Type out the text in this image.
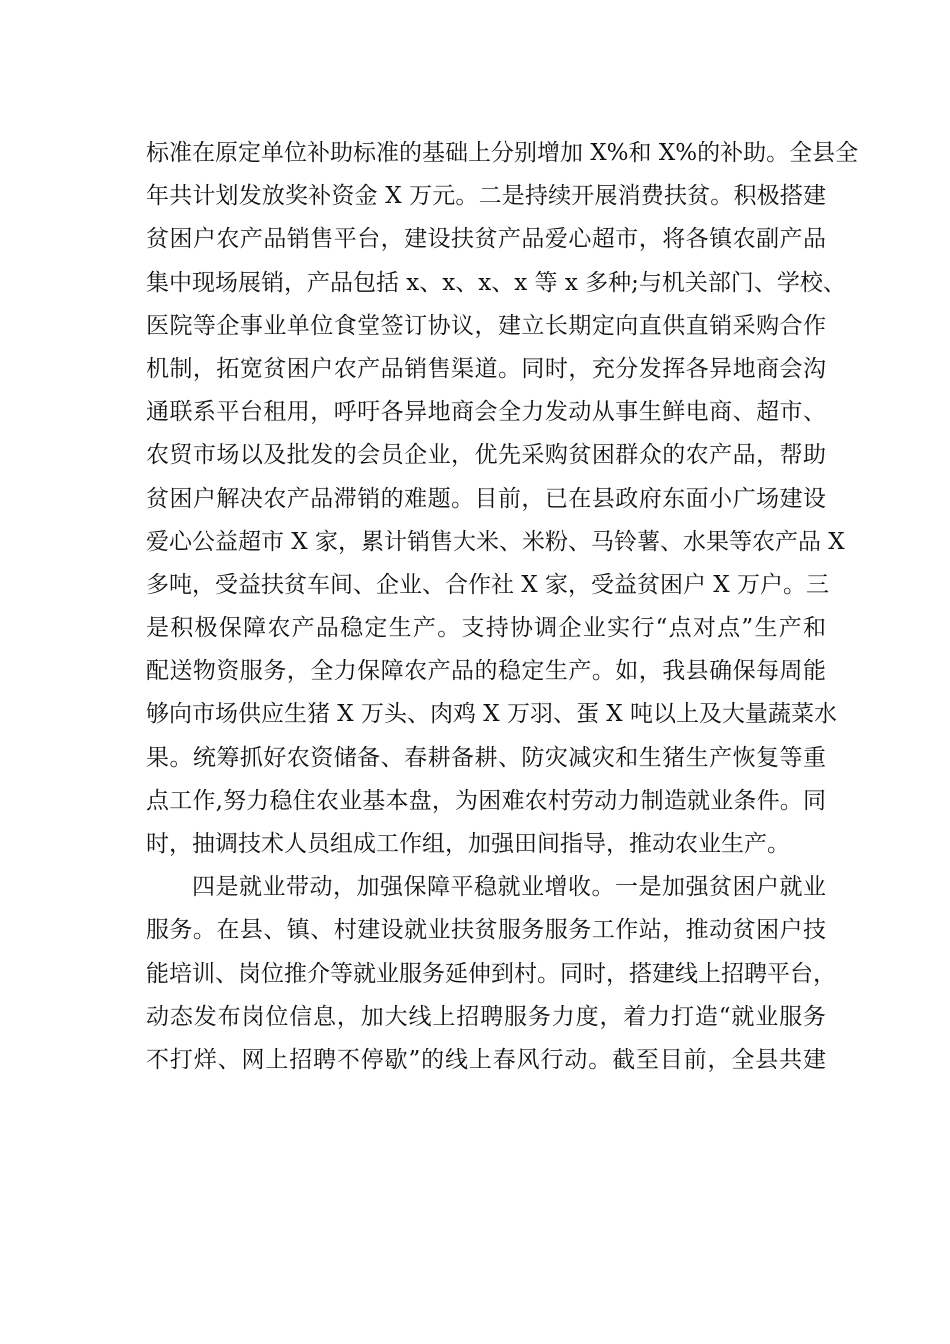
标准在原定单位补助标准的基础上分别增加 X%和 X%的补助。全县全
年共计划发放奖补资金 X 万元。二是持续开展消费扶贫。积极搭建
贫困户农产品销售平台，建设扶贫产品爱心超市，将各镇农副产品
集中现场展销，产品包括 x、x、x、x 等 x 多种;与机关部门、学校、
医院等企事业单位食堂签订协议，建立长期定向直供直销采购合作
机制，拓宽贫困户农产品销售渠道。同时，充分发挥各异地商会沟
通联系平台租用，呼吁各异地商会全力发动从事生鲜电商、超市、
农贸市场以及批发的会员企业，优先采购贫困群众的农产品，帮助
贫困户解决农产品滞销的难题。目前，已在县政府东面小广场建设
爱心公益超市 X 家，累计销售大米、米粉、马铃薯、水果等农产品 X
多吨，受益扶贫车间、企业、合作社 X 家，受益贫困户 X 万户。三
是积极保障农产品稳定生产。支持协调企业实行“点对点”生产和
配送物资服务，全力保障农产品的稳定生产。如，我县确保每周能
够向市场供应生猪 X 万头、肉鸡 X 万羽、蛋 X 吨以上及大量蔬菜水
果。统筹抓好农资储备、春耕备耕、防灾减灾和生猪生产恢复等重
点工作,努力稳住农业基本盘，为困难农村劳动力制造就业条件。同
时，抽调技术人员组成工作组，加强田间指导，推动农业生产。
四是就业带动，加强保障平稳就业增收。一是加强贫困户就业
服务。在县、镇、村建设就业扶贫服务服务工作站，推动贫困户技
能培训、岗位推介等就业服务延伸到村。同时，搭建线上招聘平台，
动态发布岗位信息，加大线上招聘服务力度，着力打造“就业服务
不打烊、网上招聘不停歇”的线上春风行动。截至目前，全县共建
